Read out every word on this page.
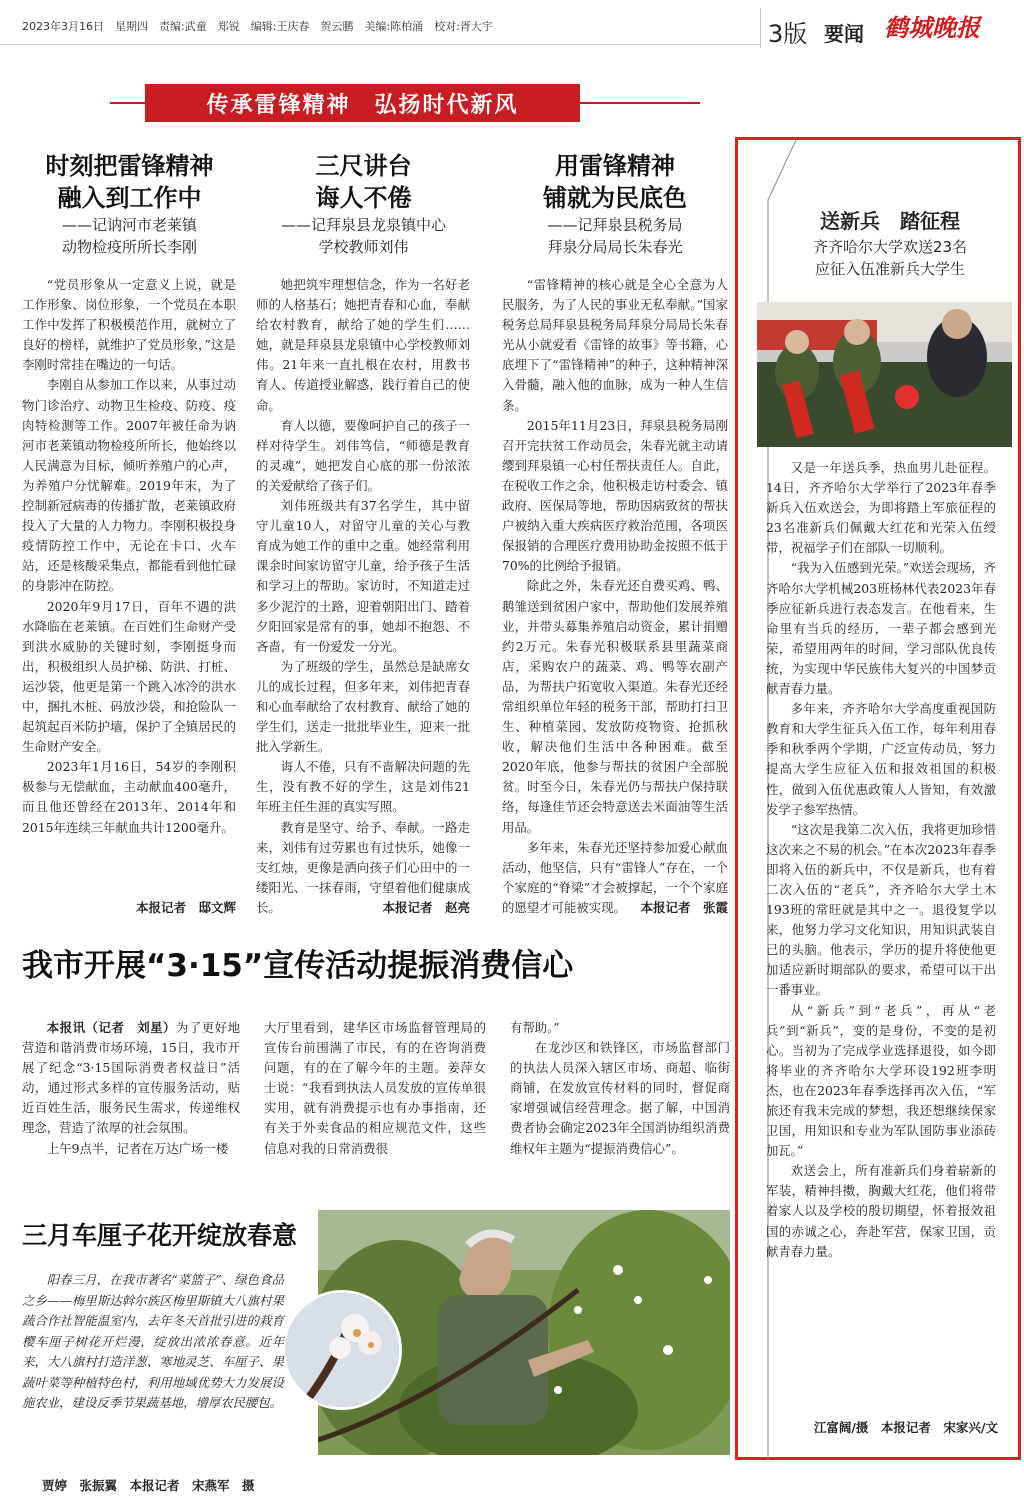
2023年3月16日　星期四　责编:武童　郑锐　编辑:王庆春　贺云鹏　美编:陈柏涌　校对:胥大宇	3版 要闻 鹤城晚报
传承雷锋精神　弘扬时代新风
时刻把雷锋精神
融入到工作中
——记讷河市老莱镇
动物检疫所所长李刚

“党员形象从一定意义上说，就是工作形象、岗位形象，一个党员在本职工作中发挥了积极模范作用，就树立了良好的榜样，就维护了党员形象，”这是李刚时常挂在嘴边的一句话。

李刚自从参加工作以来，从事过动物门诊治疗、动物卫生检疫、防疫、疫肉特检测等工作。2007年被任命为讷河市老莱镇动物检疫所所长，他始终以人民满意为目标，倾听养殖户的心声，为养殖户分忧解难。2019年末，为了控制新冠病毒的传播扩散，老莱镇政府投入了大量的人力物力。李刚积极投身疫情防控工作中，无论在卡口、火车站，还是核酸采集点，都能看到他忙碌的身影冲在防控。

2020年9月17日，百年不遇的洪水降临在老莱镇。在百姓们生命财产受到洪水威胁的关键时刻，李刚挺身而出，积极组织人员护梯、防洪、打桩、运沙袋，他更是第一个跳入冰冷的洪水中，捆扎木桩、码放沙袋，和抢险队一起筑起百米防护墙，保护了全镇居民的生命财产安全。

2023年1月16日，54岁的李刚积极参与无偿献血，主动献血400毫升，而且他还曾经在2013年、2014年和2015年连续三年献血共计1200毫升。

本报记者　邸文辉
三尺讲台
诲人不倦
——记拜泉县龙泉镇中心
学校教师刘伟

她把筑牢理想信念，作为一名好老师的人格基石；她把青春和心血，奉献给农村教育，献给了她的学生们……她，就是拜泉县龙泉镇中心学校教师刘伟。21年来一直扎根在农村，用教书育人、传道授业解惑，践行着自己的使命。

育人以德，要像呵护自己的孩子一样对待学生。刘伟笃信，“师德是教育的灵魂”，她把发自心底的那一份浓浓的关爱献给了孩子们。

刘伟班级共有37名学生，其中留守儿童10人，对留守儿童的关心与教育成为她工作的重中之重。她经常利用课余时间家访留守儿童，给予孩子生活和学习上的帮助。家访时，不知道走过多少泥泞的土路，迎着朝阳出门、踏着夕阳回家是常有的事，她却不抱怨、不吝啬，有一份爱发一分光。

为了班级的学生，虽然总是缺席女儿的成长过程，但多年来，刘伟把青春和心血奉献给了农村教育、献给了她的学生们，送走一批批毕业生，迎来一批批入学新生。

诲人不倦，只有不啬解决问题的先生，没有教不好的学生，这是刘伟21年班主任生涯的真实写照。

教育是坚守、给予、奉献。一路走来，刘伟有过劳累也有过快乐，她像一支红烛，更像是洒向孩子们心田中的一缕阳光、一抹春雨，守望着他们健康成长。	本报记者　赵亮
用雷锋精神
铺就为民底色
——记拜泉县税务局
拜泉分局局长朱春光

“雷锋精神的核心就是全心全意为人民服务，为了人民的事业无私奉献。”国家税务总局拜泉县税务局拜泉分局局长朱春光从小就爱看《雷锋的故事》等书籍，心底埋下了“雷锋精神”的种子，这种精神深入骨髓，融入他的血脉，成为一种人生信条。

2015年11月23日，拜泉县税务局刚召开完扶贫工作动员会，朱春光就主动请缨到拜泉镇一心村任帮扶责任人。自此，在税收工作之余，他积极走访村委会、镇政府、医保局等地，帮助因病致贫的帮扶户被纳入重大疾病医疗救治范围，各项医保报销的合理医疗费用协助金按照不低于70%的比例给予报销。

除此之外，朱春光还自费买鸡、鸭、鹅雏送到贫困户家中，帮助他们发展养殖业，并带头募集养殖启动资金，累计捐赠约2万元。朱春光积极联系县里蔬菜商店，采购农户的蔬菜、鸡、鸭等农副产品，为帮扶户拓宽收入渠道。朱春光还经常组织单位年轻的税务干部，帮助打扫卫生、种植菜园、发放防疫物资、抢抓秋收，解决他们生活中各种困难。截至2020年底，他参与帮扶的贫困户全部脱贫。时至今日，朱春光仍与帮扶户保持联络，每逢佳节还会特意送去米面油等生活用品。

多年来，朱春光还坚持参加爱心献血活动，他坚信，只有“雷锋人”存在，一个个家庭的“脊梁”才会被撑起，一个个家庭的愿望才可能被实现。	本报记者　张霞
送新兵　踏征程
齐齐哈尔大学欢送23名
应征入伍准新兵大学生

又是一年送兵季，热血男儿赴征程。14日，齐齐哈尔大学举行了2023年春季新兵入伍欢送会，为即将踏上军旅征程的23名准新兵们佩戴大红花和光荣入伍绶带，祝福学子们在部队一切顺利。

“我为入伍感到光荣。”欢送会现场，齐齐哈尔大学机械203班杨林代表2023年春季应征新兵进行表态发言。在他看来，生命里有当兵的经历，一辈子都会感到光荣，希望用两年的时间，学习部队优良传统，为实现中华民族伟大复兴的中国梦贡献青春力量。

多年来，齐齐哈尔大学高度重视国防教育和大学生征兵入伍工作，每年利用春季和秋季两个学期，广泛宣传动员，努力提高大学生应征入伍和报效祖国的积极性，做到入伍优惠政策人人皆知，有效激发学子参军热情。

“这次是我第二次入伍，我将更加珍惜这次来之不易的机会。”在本次2023年春季即将入伍的新兵中，不仅是新兵，也有着二次入伍的“老兵”，齐齐哈尔大学土木193班的常旺就是其中之一。退役复学以来，他努力学习文化知识，用知识武装自己的头脑。他表示，学历的提升将使他更加适应新时期部队的要求，希望可以干出一番事业。

从“新兵”到“老兵”，再从“老兵”到“新兵”，变的是身份，不变的是初心。当初为了完成学业选择退役，如今即将毕业的齐齐哈尔大学环设192班李明杰，也在2023年春季选择再次入伍，“军旅还有我未完成的梦想，我还想继续保家卫国，用知识和专业为军队国防事业添砖加瓦。”

欢送会上，所有准新兵们身着崭新的军装，精神抖擞，胸戴大红花，他们将带着家人以及学校的殷切期望，怀着报效祖国的赤诚之心，奔赴军营，保家卫国，贡献青春力量。

江富阔/摄　本报记者　宋家兴/文
我市开展“3·15”宣传活动提振消费信心

本报讯（记者　刘星）为了更好地营造和谐消费市场环境，15日，我市开展了纪念“3·15国际消费者权益日”活动，通过形式多样的宣传服务活动，贴近百姓生活，服务民生需求，传递维权理念，营造了浓厚的社会氛围。

上午9点半，记者在万达广场一楼

大厅里看到，建华区市场监督管理局的宣传台前围满了市民，有的在咨询消费问题，有的在了解今年的主题。姜萍女士说：“我看到执法人员发放的宣传单很实用，就有消费提示也有办事指南，还有关于外卖食品的相应规范文件，这些信息对我的日常消费很
有帮助。”

在龙沙区和铁锋区，市场监督部门的执法人员深入辖区市场、商超、临街商铺，在发放宣传材料的同时，督促商家增强诚信经营理念。据了解，中国消费者协会确定2023年全国消协组织消费维权年主题为“提振消费信心”。

三月车厘子花开绽放春意
阳春三月，在我市著名“菜篮子”、绿色食品之乡——梅里斯达斡尔族区梅里斯镇大八旗村果蔬合作社智能温室内，去年冬天首批引进的栽育樱车厘子树花开烂漫，绽放出浓浓春意。近年来，大八旗村打造洋葱、寒地灵芝、车厘子、果蔬叶菜等种植特色村，利用地域优势大力发展设施农业，建设反季节果蔬基地，增厚农民腰包。
贾婷　张振翼　本报记者　宋燕军　摄
